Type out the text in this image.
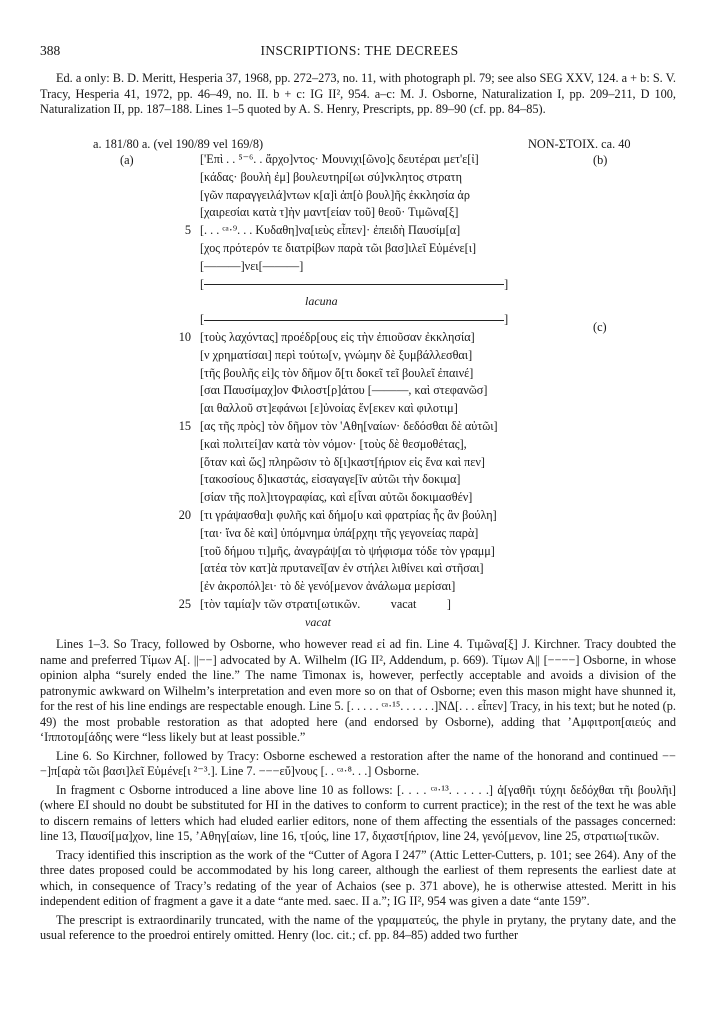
388	INSCRIPTIONS: THE DECREES
Ed. a only: B. D. Meritt, Hesperia 37, 1968, pp. 272–273, no. 11, with photograph pl. 79; see also SEG XXV, 124. a + b: S. V. Tracy, Hesperia 41, 1972, pp. 46–49, no. II. b + c: IG II², 954. a–c: M. J. Osborne, Naturalization I, pp. 209–211, D 100, Naturalization II, pp. 187–188. Lines 1–5 quoted by A. S. Henry, Prescripts, pp. 89–90 (cf. pp. 84–85).
a. 181/80 a. (vel 190/89 vel 169/8)	NON-ΣΤΟΙΧ. ca. 40
(a)	(b)
(c)
['Επὶ . . ⁵⁻⁶. . ἄρχο]ντος· Μουνιχι[ῶνο]ς δευτέραι μετ'ε[ἰ]
[κάδας· βουλὴ ἐμ] βουλευτηρί[ωι σύ]νκλητος στρατη
[γῶν παραγγειλά]ντων κ[α]ὶ ἀπ[ὸ βουλ]ῆς ἐκκλησία ἀρ
[χαιρεσίαι κατὰ τ]ὴν μαντ[είαν τοῦ] θεοῦ· Τιμῶνα[ξ]
5 [. . . ᶜᵃ·⁹. . . Κυδαθη]να[ιεὺς εἶπεν]· ἐπειδὴ Παυσίμ[α]
[χος πρότερόν τε διατρίβων παρὰ τῶι βασ]ιλεῖ Εὐμένε[ι]
[———]νει[———]
[	]
lacuna
[	]
10 [τοὺς λαχόντας] προέδρ[ους εἰς τὴν ἐπιοῦσαν ἐκκλησία]
[ν χρηματίσαι] περὶ τούτω[ν, γνώμην δὲ ξυμβάλλεσθαι]
[τῆς βουλῆς εἰ]ς τὸν δῆμον ὅ[τι δοκεῖ τεῖ βουλεῖ ἐπαινέ]
[σαι Παυσίμαχ]ον Φιλοστ[ρ]άτου [———, καὶ στεφανῶσ]
[αι θαλλοῦ στ]εφάνωι [ε]ὐνοίας ἕν[εκεν καὶ φιλοτιμ]
15 [ας τῆς πρὸς] τὸν δῆμον τὸν 'Αθη[ναίων· δεδόσθαι δὲ αὐτῶι]
[καὶ πολιτεί]αν κατὰ τὸν νόμον· [τοὺς δὲ θεσμοθέτας],
[ὅταν καὶ ὥς] πληρῶσιν τὸ δ[ι]καστ[ήριον εἰς ἕνα καὶ πεν]
[τακοσίους δ]ικαστάς, εἰσαγαγε[ῖν αὐτῶι τὴν δοκιμα]
[σίαν τῆς πολ]ιτογραφίας, καὶ ε[ἶναι αὐτῶι δοκιμασθέν]
20 [τι γράψασθα]ι φυλῆς καὶ δήμο[υ καὶ φρατρίας ἧς ἂν βούλη]
[ται· ἵνα δὲ καὶ] ὑπόμνημα ὑπά[ρχηι τῆς γεγονείας παρὰ]
[τοῦ δήμου τι]μῆς, ἀναγράψ[αι τὸ ψήφισμα τόδε τὸν γραμμ]
[ατέα τὸν κατ]ὰ πρυτανεῖ[αν ἐν στήλει λιθίνει καὶ στῆσαι]
[ἐν ἀκροπόλ]ει· τὸ δὲ γενό[μενον ἀνάλωμα μερίσαι]
25 [τὸν ταμία]ν τῶν στρατι[ωτικῶν.          vacat          ]
vacat

Lines 1–3. So Tracy, followed by Osborne, who however read εἰ ad fin. Line 4. Τιμῶνα[ξ] J. Kirchner. Tracy doubted the name and preferred Τίμων Α[. ||−−] advocated by A. Wilhelm (IG II², Addendum, p. 669). Τίμων Α|| [−−−−] Osborne, in whose opinion alpha “surely ended the line.” The name Timonax is, however, perfectly acceptable and avoids a division of the patronymic awkward on Wilhelm’s interpretation and even more so on that of Osborne; even this mason might have shunned it, for the rest of his line endings are respectable enough. Line 5. [. . . . . ᶜᵃ·¹⁵. . . . . .]ΝΔ[. . . εἶπεν] Tracy, in his text; but he noted (p. 49) the most probable restoration as that adopted here (and endorsed by Osborne), adding that ’Αμφιτροπ[αιεύς and ‘Ιπποτομ[άδης were “less likely but at least possible.”

Line 6. So Kirchner, followed by Tracy: Osborne eschewed a restoration after the name of the honorand and continued −−−]π[αρὰ τῶι βασι]λεῖ Εὐμένε[ι ²⁻³.]. Line 7. −−−εὔ]νους [. . ᶜᵃ·⁸. . .] Osborne.

In fragment c Osborne introduced a line above line 10 as follows: [. . . . ᶜᵃ·¹³. . . . . .] ἀ[γαθῆι τύχηι δεδόχθαι τῆι βουλῆι] (where EI should no doubt be substituted for HI in the datives to conform to current practice); in the rest of the text he was able to discern remains of letters which had eluded earlier editors, none of them affecting the essentials of the passages concerned: line 13, Παυσί[μα]χον, line 15, ’Αθηγ[αίων, line 16, τ[ούς, line 17, διχαστ[ήριον, line 24, γενό[μενον, line 25, στρατιω[τικῶν.

Tracy identified this inscription as the work of the “Cutter of Agora I 247” (Attic Letter-Cutters, p. 101; see 264). Any of the three dates proposed could be accommodated by his long career, although the earliest of them represents the earliest date at which, in consequence of Tracy’s redating of the year of Achaios (see p. 371 above), he is otherwise attested. Meritt in his independent edition of fragment a gave it a date “ante med. saec. II a.”; IG II², 954 was given a date “ante 159”.

The prescript is extraordinarily truncated, with the name of the γραμματεύς, the phyle in prytany, the prytany date, and the usual reference to the proedroi entirely omitted. Henry (loc. cit.; cf. pp. 84–85) added two further
